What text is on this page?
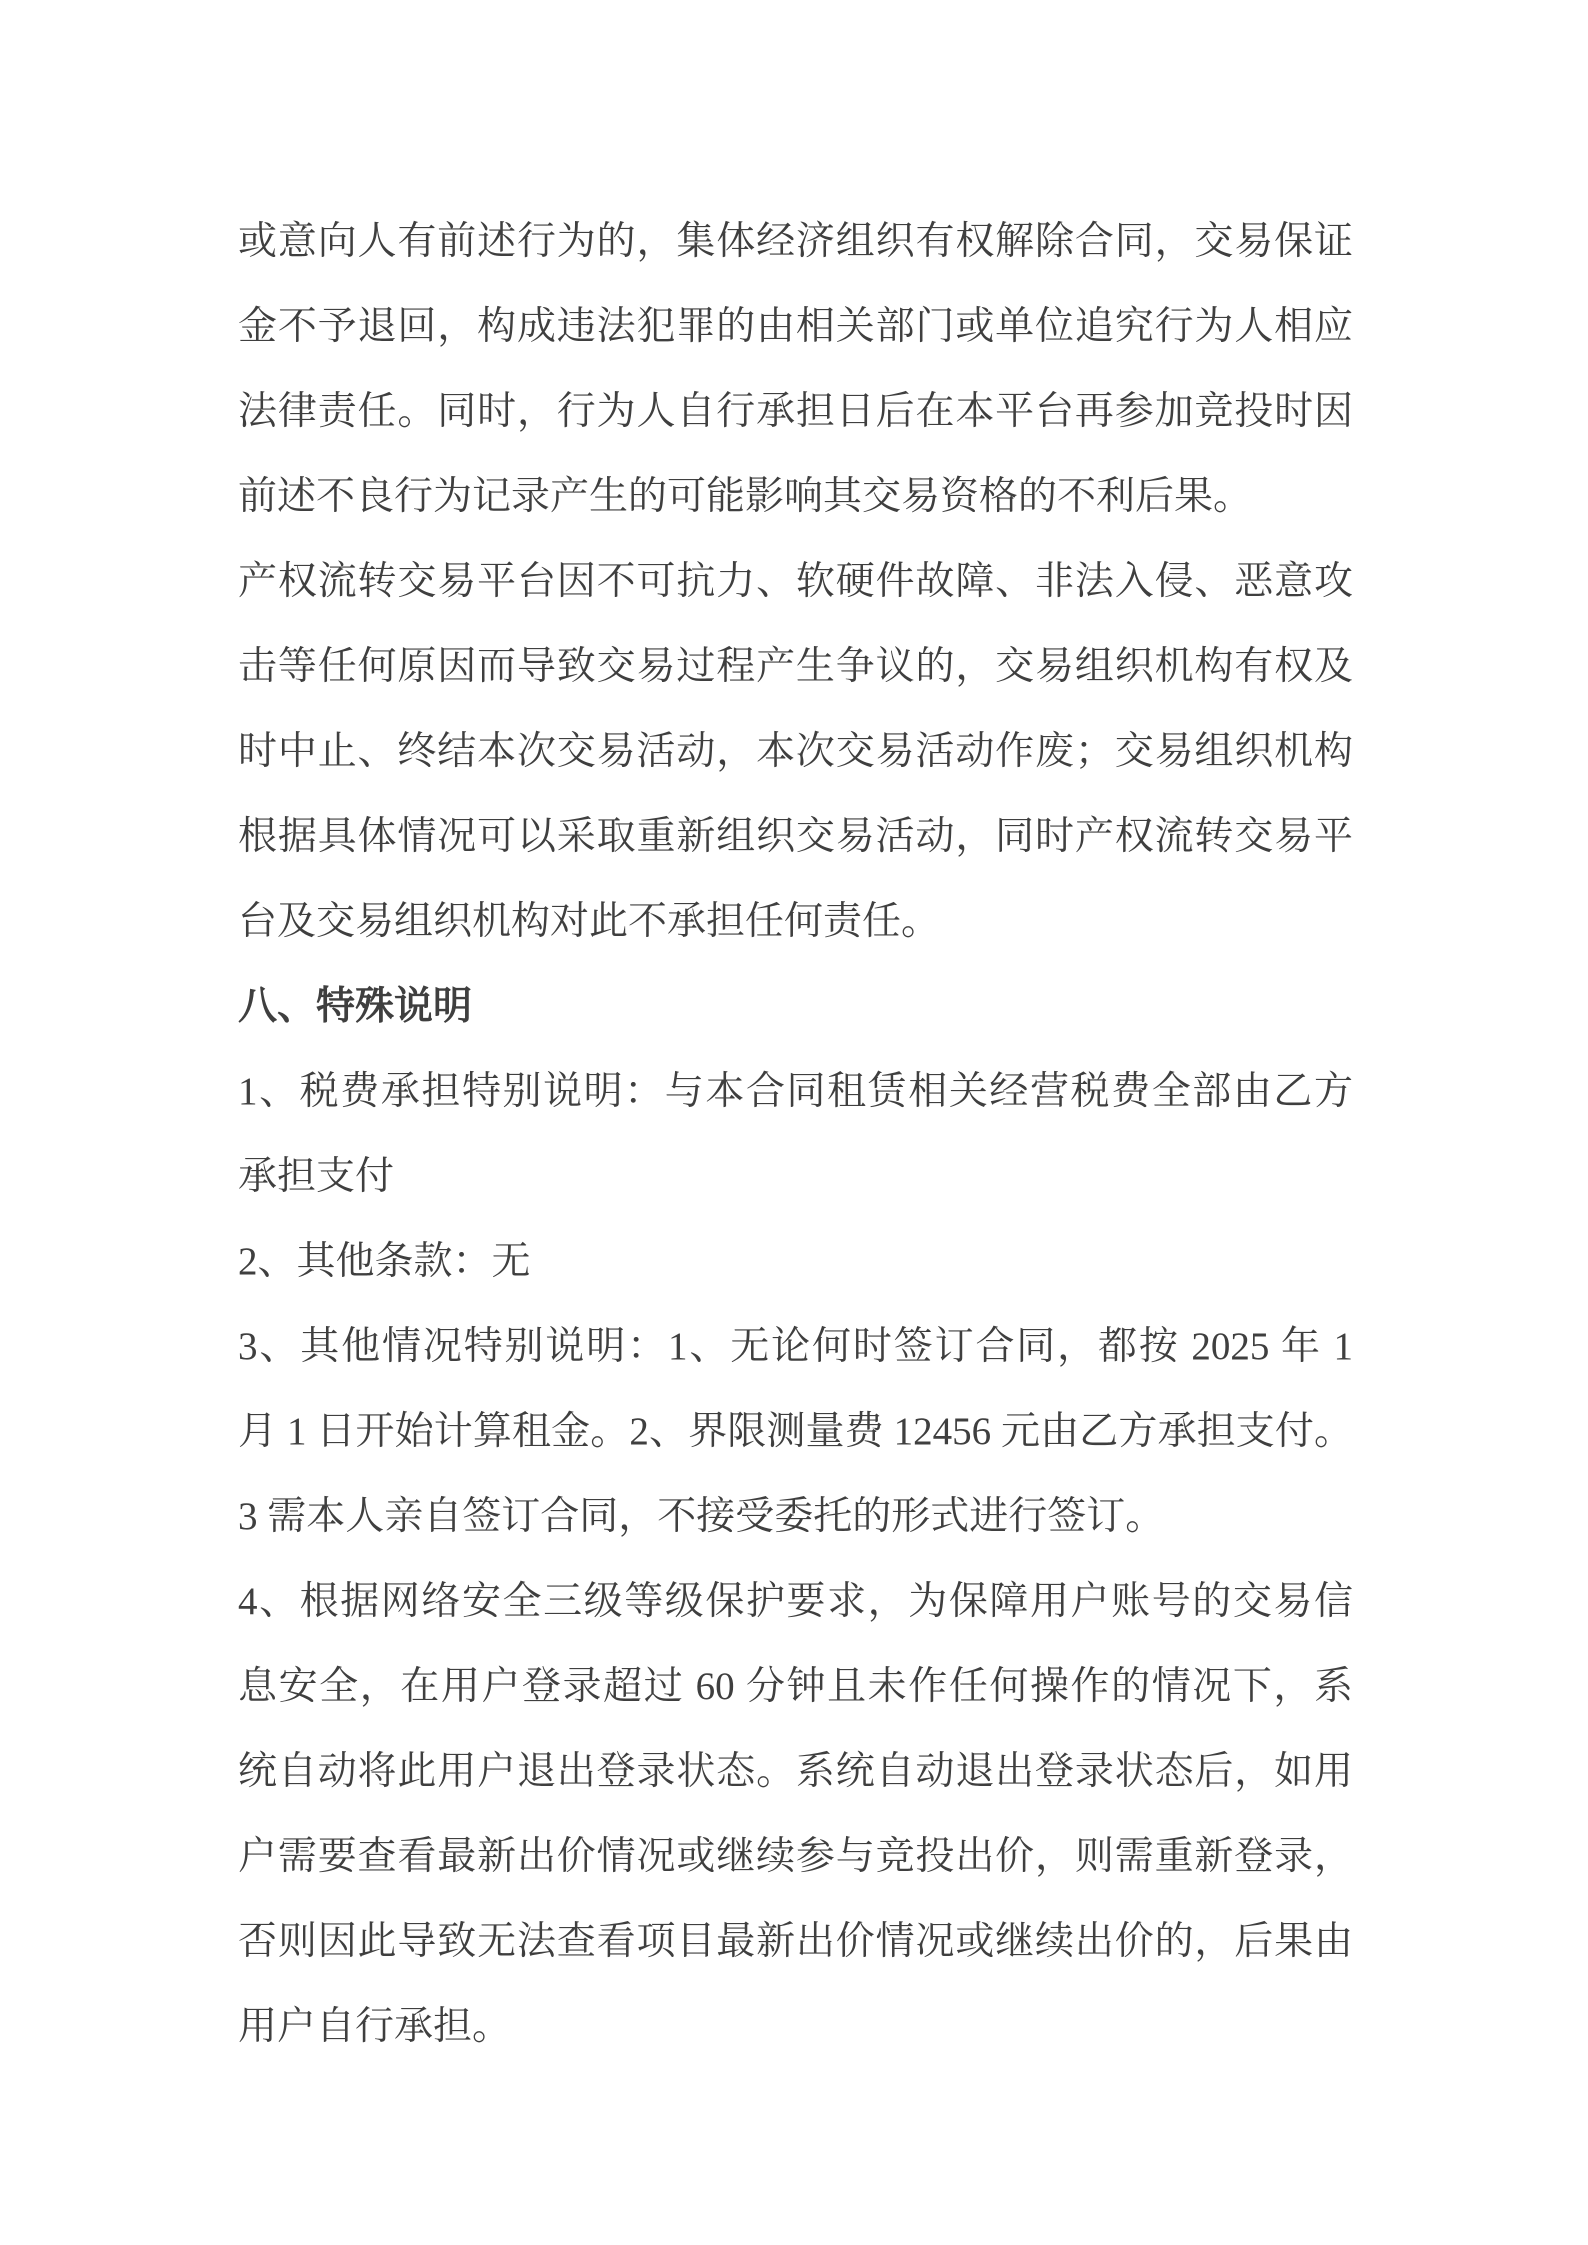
或意向人有前述行为的，集体经济组织有权解除合同，交易保证
金不予退回，构成违法犯罪的由相关部门或单位追究行为人相应
法律责任。同时，行为人自行承担日后在本平台再参加竞投时因
前述不良行为记录产生的可能影响其交易资格的不利后果。
产权流转交易平台因不可抗力、软硬件故障、非法入侵、恶意攻
击等任何原因而导致交易过程产生争议的，交易组织机构有权及
时中止、终结本次交易活动，本次交易活动作废；交易组织机构
根据具体情况可以采取重新组织交易活动，同时产权流转交易平
台及交易组织机构对此不承担任何责任。
八、特殊说明
1、税费承担特别说明：与本合同租赁相关经营税费全部由乙方
承担支付
2、其他条款：无
3、其他情况特别说明：1、无论何时签订合同，都按 2025 年 1
月 1 日开始计算租金。2、界限测量费 12456 元由乙方承担支付。
3 需本人亲自签订合同，不接受委托的形式进行签订。
4、根据网络安全三级等级保护要求，为保障用户账号的交易信
息安全，在用户登录超过 60 分钟且未作任何操作的情况下，系
统自动将此用户退出登录状态。系统自动退出登录状态后，如用
户需要查看最新出价情况或继续参与竞投出价，则需重新登录，
否则因此导致无法查看项目最新出价情况或继续出价的，后果由
用户自行承担。
